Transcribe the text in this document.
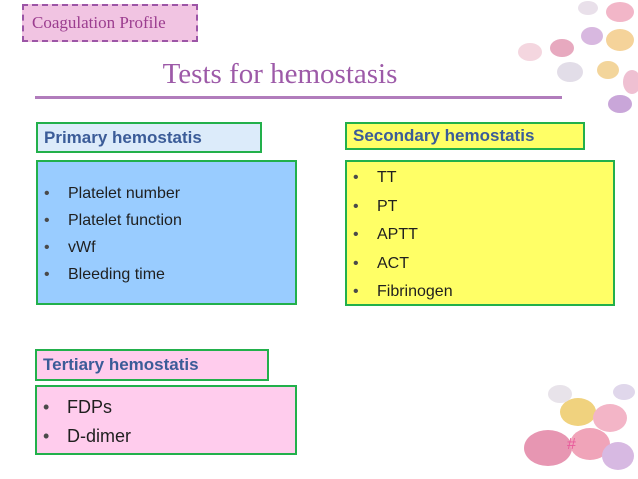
Coagulation Profile
Tests for hemostasis
Primary hemostatis
• Platelet number
• Platelet function
• vWf
• Bleeding time
Secondary hemostatis
• TT
• PT
• APTT
• ACT
• Fibrinogen
Tertiary hemostatis
• FDPs
• D-dimer	#
